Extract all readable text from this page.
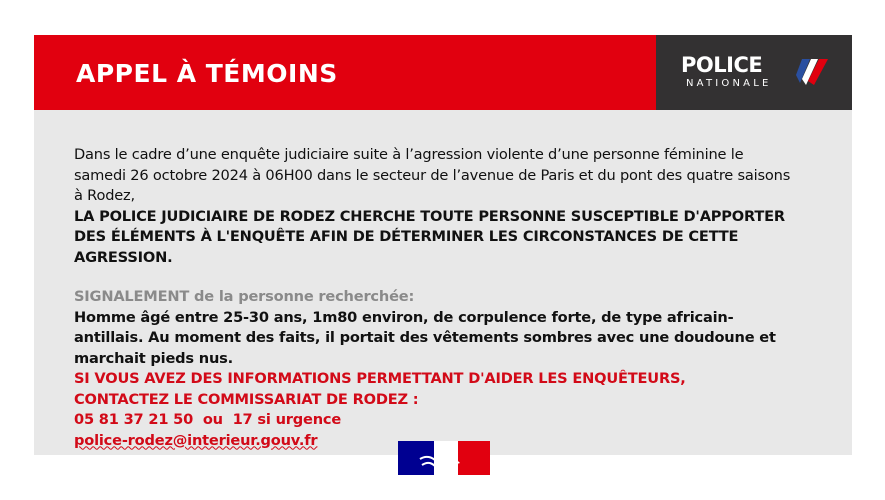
APPEL À TÉMOINS	POLICE
NATIONALE
Dans le cadre d’une enquête judiciaire suite à l’agression violente d’une personne féminine le samedi 26 octobre 2024 à 06H00 dans le secteur de l’avenue de Paris et du pont des quatre saisons à Rodez,
LA POLICE JUDICIAIRE DE RODEZ CHERCHE TOUTE PERSONNE SUSCEPTIBLE D'APPORTER DES ÉLÉMENTS À L'ENQUÊTE AFIN DE DÉTERMINER LES CIRCONSTANCES DE CETTE AGRESSION.
SIGNALEMENT de la personne recherchée:
Homme âgé entre 25-30 ans, 1m80 environ, de corpulence forte, de type africain-antillais. Au moment des faits, il portait des vêtements sombres avec une doudoune et marchait pieds nus.
SI VOUS AVEZ DES INFORMATIONS PERMETTANT D'AIDER LES ENQUÊTEURS,
CONTACTEZ LE COMMISSARIAT DE RODEZ :
05 81 37 21 50  ou  17 si urgence
police-rodez@interieur.gouv.fr
